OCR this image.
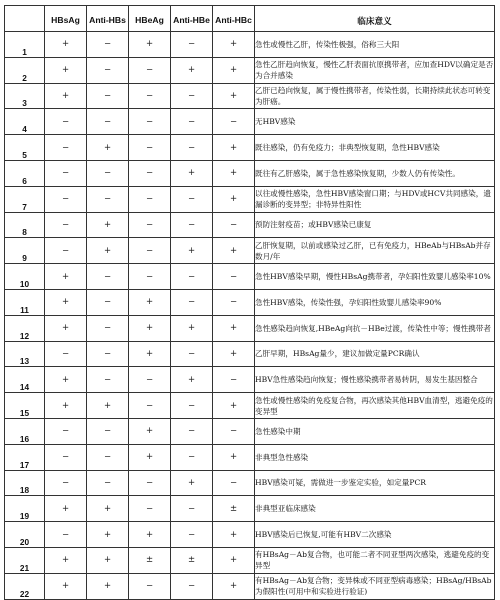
	HBsAg	Anti-HBs	HBeAg	Anti-HBe	Anti-HBc	临床意义
1	+	−	+	−	+	急性或慢性乙肝，传染性极强，俗称三大阳
2	+	−	−	+	+	急性乙肝趋向恢复，慢性乙肝表面抗原携带者，应加查HDV以确定是否为合并感染
3	+	−	−	−	+	乙肝已趋向恢复，属于慢性携带者，传染性弱，长期持续此状态可转变为肝癌。
4	−	−	−	−	−	无HBV感染
5	−	+	−	−	+	既往感染，仍有免疫力；非典型恢复期，急性HBV感染
6	−	−	−	+	+	既往有乙肝感染，属于急性感染恢复期，少数人仍有传染性。
7	−	−	−	−	+	以往或慢性感染，急性HBV感染窗口期；与HDV或HCV共同感染，遗漏诊断的变异型；非特异性阳性
8	−	+	−	−	−	预防注射疫苗；或HBV感染已康复
9	−	+	−	+	+	乙肝恢复期，以前或感染过乙肝，已有免疫力，HBeAb与HBsAb并存数月/年
10	+	−	−	−	−	急性HBV感染早期，慢性HBsAg携带者，孕妇阳性致婴儿感染率10%
11	+	−	+	−	−	急性HBV感染，传染性强，孕妇阳性致婴儿感染率90%
12	+	−	+	+	+	急性感染趋向恢复,HBeAg向抗－HBe过渡，传染性中等；慢性携带者
13	−	−	+	−	+	乙肝早期，HBsAg量少，建议加做定量PCR确认
14	+	−	−	+	−	HBV急性感染趋向恢复；慢性感染携带者易转阴，易发生基因整合
15	+	+	−	−	+	急性或慢性感染的免疫复合物，再次感染其他HBV血清型，逃避免疫的变异型
16	−	−	+	−	−	急性感染中期
17	−	−	+	−	+	非典型急性感染
18	−	−	−	+	−	HBV感染可疑，需做进一步鉴定实验，如定量PCR
19	+	+	−	−	±	非典型亚临床感染
20	−	+	+	−	+	HBV感染后已恢复,可能有HBV二次感染
21	+	+	±	±	+	有HBsAg－Ab复合物，也可能二者不同亚型两次感染，逃避免疫的变异型
22	+	+	−	−	+	有HBsAg－Ab复合物；变异株或不同亚型病毒感染；HBsAg/HBsAb为假阳性(可用中和实验进行验证)
